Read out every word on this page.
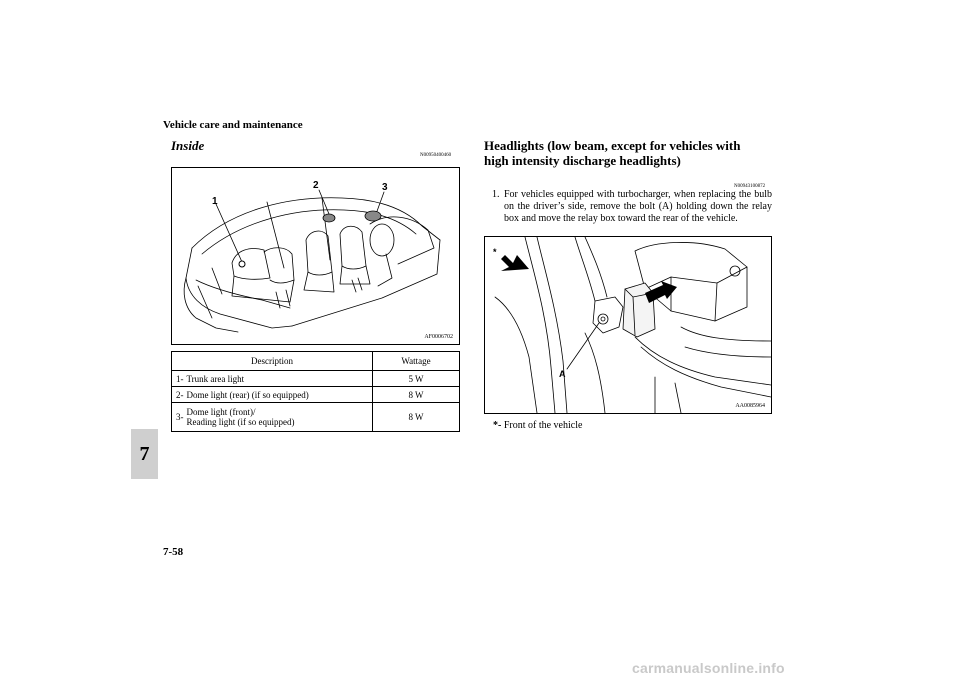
Vehicle care and maintenance
7
7-58
Inside
N00950400460
1
2	3
AF0006702
Description		Wattage
1-	Trunk area light	5 W
2-	Dome light (rear) (if so equipped)	8 W
3-	Dome light (front)/
Reading light (if so equipped)	8 W
Headlights (low beam, except for vehicles with
high intensity discharge headlights)
N00943100872
1. For vehicles equipped with turbocharger, when replacing the bulb on the driver’s side, remove the bolt (A) holding down the relay box and move the relay box toward the rear of the vehicle.
A
*
AA0085964
*- Front of the vehicle
carmanualsonline.info
